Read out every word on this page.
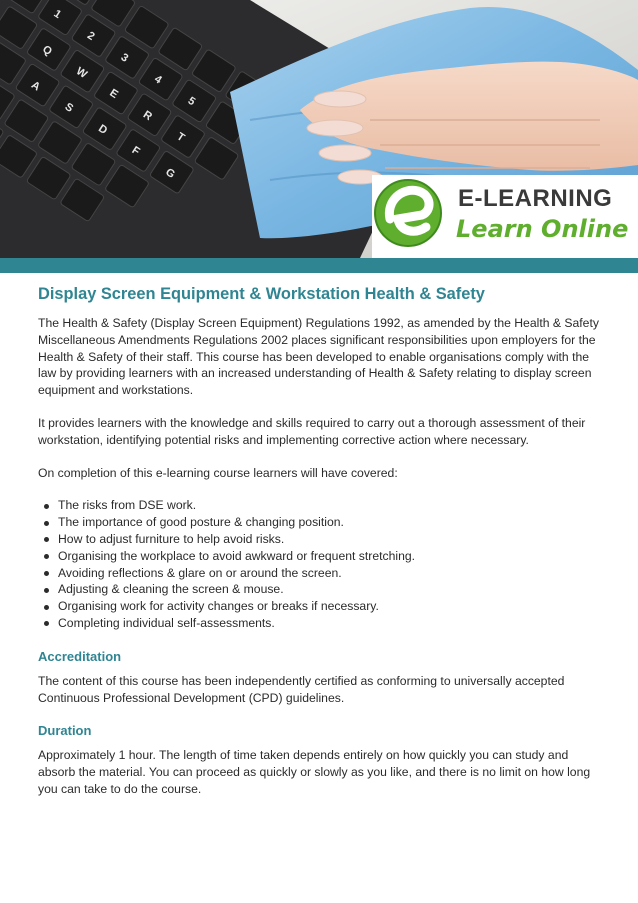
1
2
3
4
5
Q
W
E
R
T
A
S
D
F
G
E-LEARNING
Learn Online
Display Screen Equipment & Workstation Health & Safety

The Health & Safety (Display Screen Equipment) Regulations 1992, as amended by the Health & Safety Miscellaneous Amendments Regulations 2002 places significant responsibilities upon employers for the Health & Safety of their staff. This course has been developed to enable organisations comply with the law by providing learners with an increased understanding of Health & Safety relating to display screen equipment and workstations.

It provides learners with the knowledge and skills required to carry out a thorough assessment of their workstation, identifying potential risks and implementing corrective action where necessary.

On completion of this e-learning course learners will have covered:

The risks from DSE work.
The importance of good posture & changing position.
How to adjust furniture to help avoid risks.
Organising the workplace to avoid awkward or frequent stretching.
Avoiding reflections & glare on or around the screen.
Adjusting & cleaning the screen & mouse.
Organising work for activity changes or breaks if necessary.
Completing individual self-assessments.
Accreditation

The content of this course has been independently certified as conforming to universally accepted Continuous Professional Development (CPD) guidelines.

Duration

Approximately 1 hour. The length of time taken depends entirely on how quickly you can study and absorb the material. You can proceed as quickly or slowly as you like, and there is no limit on how long you can take to do the course.
